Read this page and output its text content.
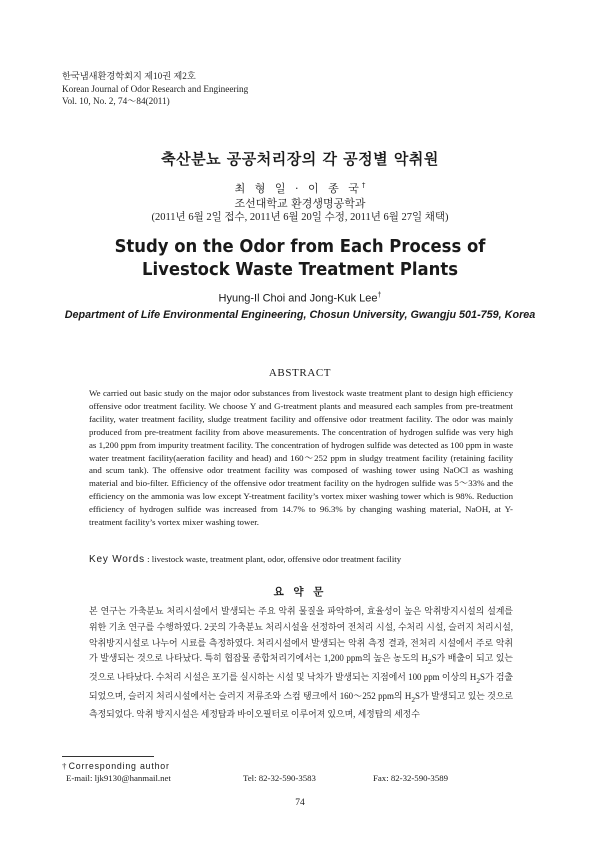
한국냄새환경학회지 제10권 제2호
Korean Journal of Odor Research and Engineering
Vol. 10, No. 2, 74～84(2011)
축산분뇨 공공처리장의 각 공정별 악취원
최 형 일 · 이 종 국†
조선대학교 환경생명공학과
(2011년 6월 2일 접수, 2011년 6월 20일 수정, 2011년 6월 27일 채택)
Study on the Odor from Each Process of
Livestock Waste Treatment Plants
Hyung-Il Choi and Jong-Kuk Lee†
Department of Life Environmental Engineering, Chosun University, Gwangju 501-759, Korea
ABSTRACT
We carried out basic study on the major odor substances from livestock waste treatment plant to design high efficiency offensive odor treatment facility. We choose Y and G-treatment plants and measured each samples from pre-treatment facility, water treatment facility, sludge treatment facility and offensive odor treatment facility. The odor was mainly produced from pre-treatment facility from above measurements. The concentration of hydrogen sulfide was very high as 1,200 ppm from impurity treatment facility. The concentration of hydrogen sulfide was detected as 100 ppm in waste water treatment facility(aeration facility and head) and 160～252 ppm in sludgy treatment facility (retaining facility and scum tank). The offensive odor treatment facility was composed of washing tower using NaOCl as washing material and bio-filter. Efficiency of the offensive odor treatment facility on the hydrogen sulfide was 5～33% and the efficiency on the ammonia was low except Y-treatment facility’s vortex mixer washing tower which is 98%. Reduction efficiency of hydrogen sulfide was increased from 14.7% to 96.3% by changing washing material, NaOH, at Y-treatment facility’s vortex mixer washing tower.
Key Words : livestock waste, treatment plant, odor, offensive odor treatment facility
요 약 문
본 연구는 가축분뇨 처리시설에서 발생되는 주요 악취 물질을 파악하여, 효율성이 높은 악취방지시설의 설계를 위한 기초 연구를 수행하였다. 2곳의 가축분뇨 처리시설을 선정하여 전처리 시설, 수처리 시설, 슬러지 처리시설, 악취방지시설로 나누어 시료를 측정하였다. 처리시설에서 발생되는 악취 측정 결과, 전처리 시설에서 주로 악취가 발생되는 것으로 나타났다. 특히 협잡물 종합처리기에서는 1,200 ppm의 높은 농도의 $H_2S$가 배출이 되고 있는 것으로 나타났다. 수처리 시설은 포기를 실시하는 시설 및 낙차가 발생되는 지점에서 100 ppm 이상의 $H_2S$가 검출되었으며, 슬러지 처리시설에서는 슬러지 저류조와 스컴 탱크에서 160～252 ppm의 $H_2S$가 발생되고 있는 것으로 측정되었다. 악취 방지시설은 세정탑과 바이오필터로 이루어져 있으며, 세정탑의 세정수
† Corresponding author
E-mail: ljk9130@hanmail.net	Tel: 82-32-590-3583	Fax: 82-32-590-3589
74
